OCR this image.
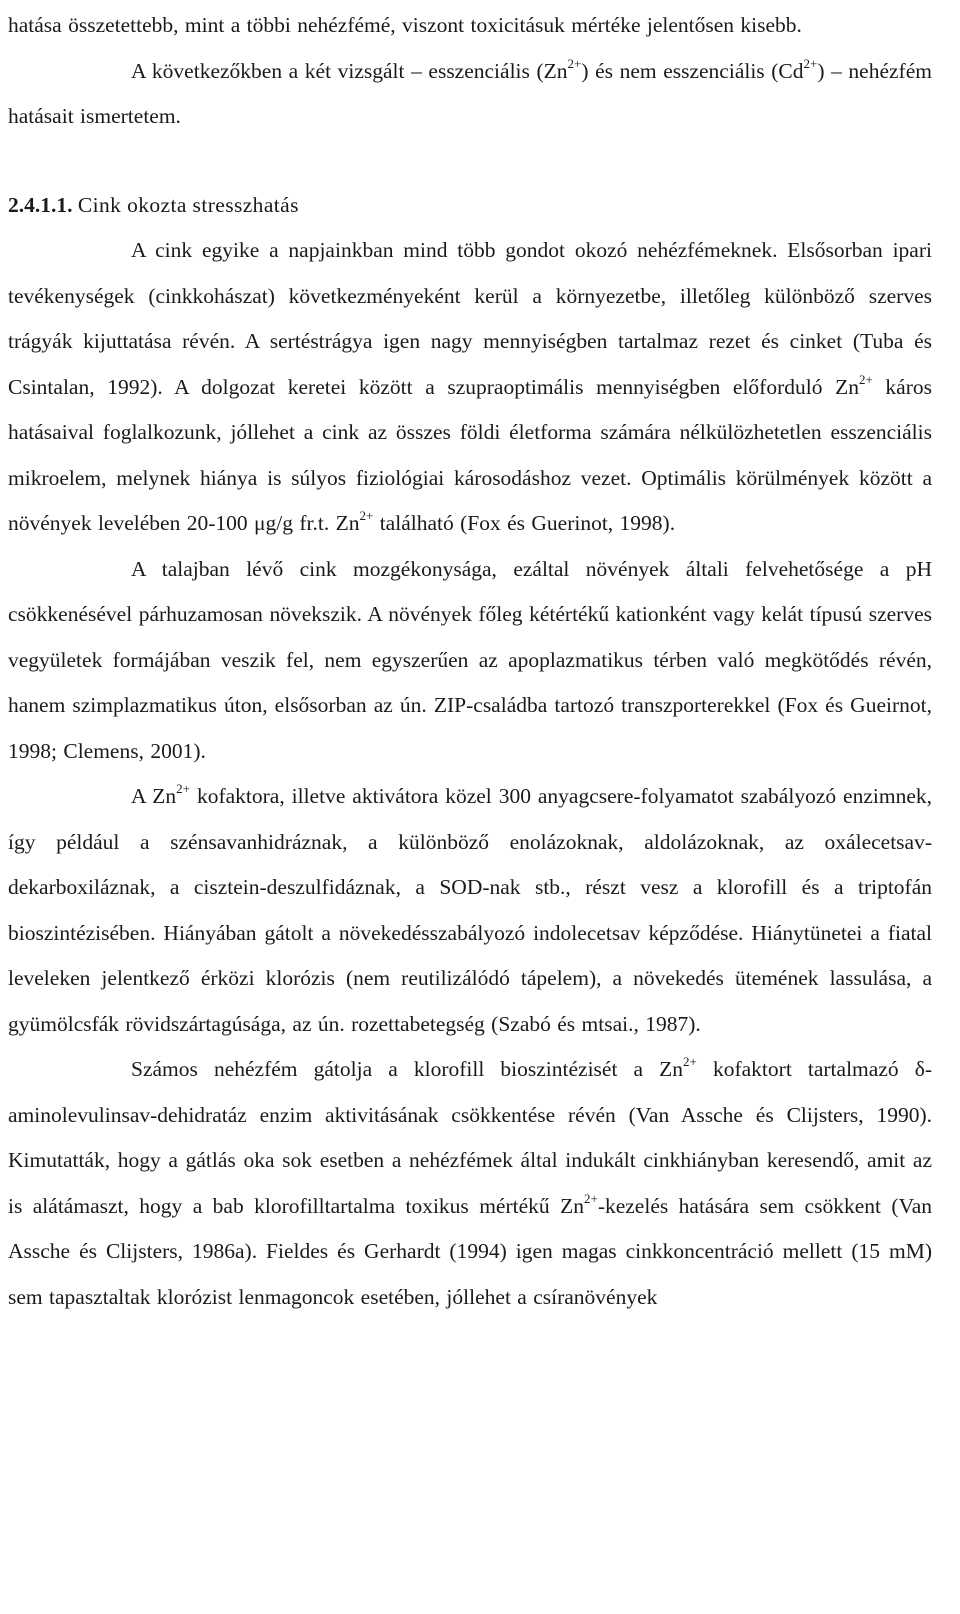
hatása összetettebb, mint a többi nehézfémé, viszont toxicitásuk mértéke jelentősen kisebb.

A következőkben a két vizsgált – esszenciális $(Zn^{2+})$ és nem esszenciális $(Cd^{2+})$ – nehézfém hatásait ismertetem.

2.4.1.1. Cink okozta stresszhatás

A cink egyike a napjainkban mind több gondot okozó nehézfémeknek. Elsősorban ipari tevékenységek (cinkkohászat) következményeként kerül a környezetbe, illetőleg különböző szerves trágyák kijuttatása révén. A sertéstrágya igen nagy mennyiségben tartalmaz rezet és cinket (Tuba és Csintalan, 1992). A dolgozat keretei között a szupraoptimális mennyiségben előforduló $Zn^{2+}$ káros hatásaival foglalkozunk, jóllehet a cink az összes földi életforma számára nélkülözhetetlen esszenciális mikroelem, melynek hiánya is súlyos fiziológiai károsodáshoz vezet. Optimális körülmények között a növények levelében 20-100 μg/g fr.t. $Zn^{2+}$ található (Fox és Guerinot, 1998).

A talajban lévő cink mozgékonysága, ezáltal növények általi felvehetősége a pH csökkenésével párhuzamosan növekszik. A növények főleg kétértékű kationként vagy kelát típusú szerves vegyületek formájában veszik fel, nem egyszerűen az apoplazmatikus térben való megkötődés révén, hanem szimplazmatikus úton, elsősorban az ún. ZIP-családba tartozó transzporterekkel (Fox és Gueirnot, 1998; Clemens, 2001).

A $Zn^{2+}$ kofaktora, illetve aktivátora közel 300 anyagcsere-folyamatot szabályozó enzimnek, így például a szénsavanhidráznak, a különböző enolázoknak, aldolázoknak, az oxálecetsav-dekarboxiláznak, a cisztein-deszulfidáznak, a SOD-nak stb., részt vesz a klorofill és a triptofán bioszintézisében. Hiányában gátolt a növekedésszabályozó indolecetsav képződése. Hiánytünetei a fiatal leveleken jelentkező érközi klorózis (nem reutilizálódó tápelem), a növekedés ütemének lassulása, a gyümölcsfák rövidszártagúsága, az ún. rozettabetegség (Szabó és mtsai., 1987).

Számos nehézfém gátolja a klorofill bioszintézisét a $Zn^{2+}$ kofaktort tartalmazó δ-aminolevulinsav-dehidratáz enzim aktivitásának csökkentése révén (Van Assche és Clijsters, 1990). Kimutatták, hogy a gátlás oka sok esetben a nehézfémek által indukált cinkhiányban keresendő, amit az is alátámaszt, hogy a bab klorofilltartalma toxikus mértékű $Zn^{2+}$-kezelés hatására sem csökkent (Van Assche és Clijsters, 1986a). Fieldes és Gerhardt (1994) igen magas cinkkoncentráció mellett (15 mM) sem tapasztaltak klorózist lenmagoncok esetében, jóllehet a csíranövények
